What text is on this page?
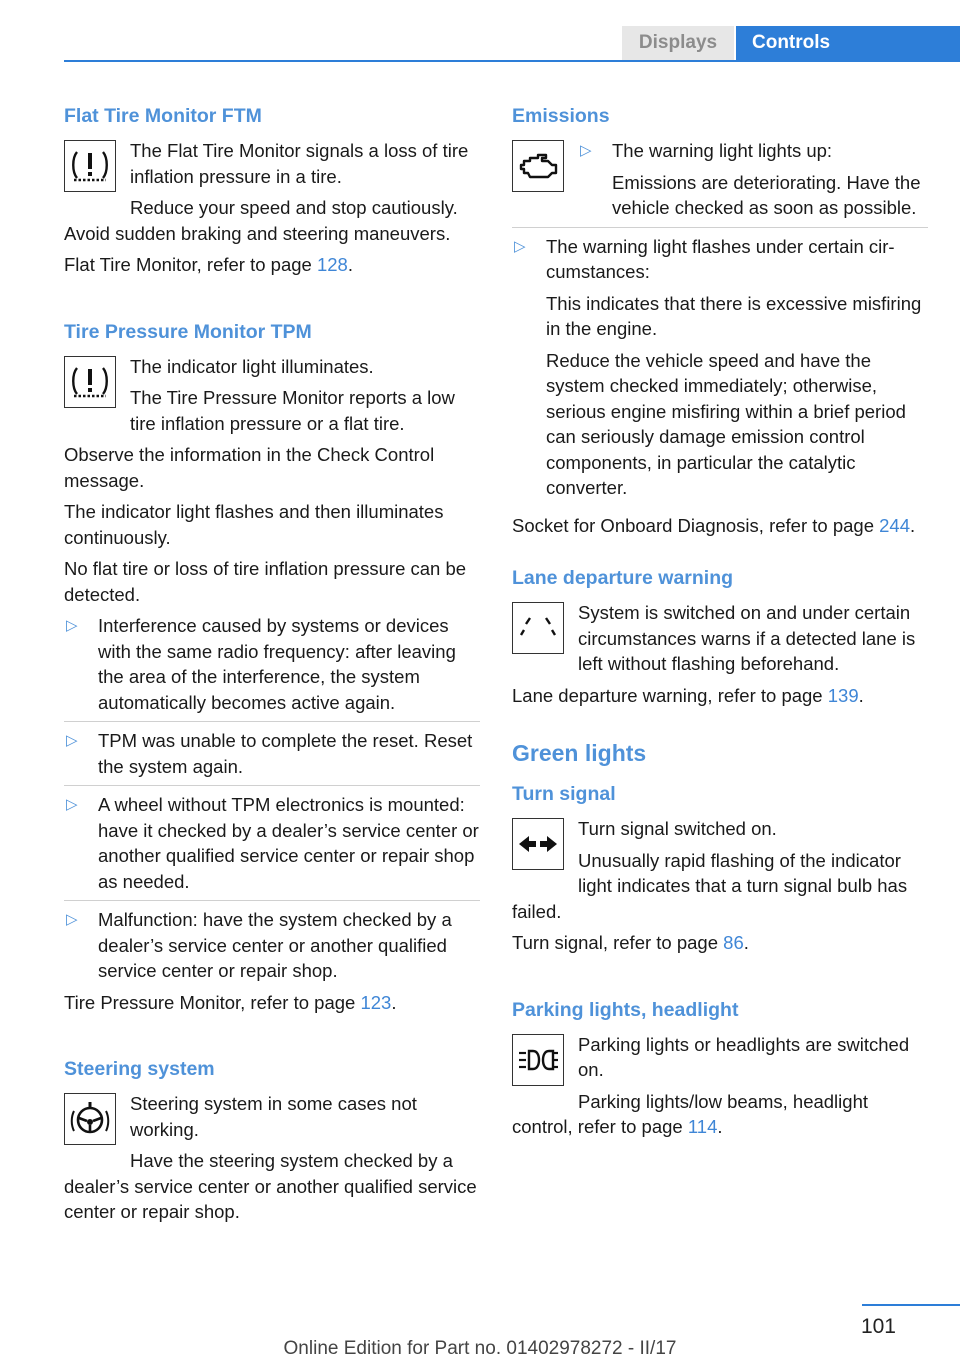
Displays	Controls
Flat Tire Monitor FTM

The Flat Tire Monitor signals a loss of tire inflation pressure in a tire.

Reduce your speed and stop cautiously. Avoid sudden braking and steering maneuvers.

Flat Tire Monitor, refer to page 128.

Tire Pressure Monitor TPM

The indicator light illuminates.

The Tire Pressure Monitor reports a low tire inflation pressure or a flat tire.

Observe the information in the Check Control message.

The indicator light flashes and then illuminates continuously.

No flat tire or loss of tire inflation pressure can be detected.

▷ Interference caused by systems or devices with the same radio frequency: after leaving the area of the interference, the system automatically becomes active again.
▷ TPM was unable to complete the reset. Reset the system again.
▷ A wheel without TPM electronics is mounted: have it checked by a dealer’s service center or another qualified service center or repair shop as needed.
▷ Malfunction: have the system checked by a dealer’s service center or another qualified service center or repair shop.

Tire Pressure Monitor, refer to page 123.

Steering system

Steering system in some cases not working.

Have the steering system checked by a dealer’s service center or another qualified service center or repair shop.

Emissions
▷ The warning light lights up:

Emissions are deteriorating. Have the vehicle checked as soon as possible.

▷ The warning light flashes under certain circumstances:

This indicates that there is excessive misfiring in the engine.

Reduce the vehicle speed and have the system checked immediately; otherwise, serious engine misfiring within a brief period can seriously damage emission control components, in particular the catalytic converter.

Socket for Onboard Diagnosis, refer to page 244.

Lane departure warning

System is switched on and under certain circumstances warns if a detected lane is left without flashing beforehand.

Lane departure warning, refer to page 139.

Green lights
Turn signal

Turn signal switched on.

Unusually rapid flashing of the indicator light indicates that a turn signal bulb has failed.

Turn signal, refer to page 86.

Parking lights, headlight

Parking lights or headlights are switched on.

Parking lights/low beams, headlight control, refer to page 114.

101
Online Edition for Part no. 01402978272 - II/17
